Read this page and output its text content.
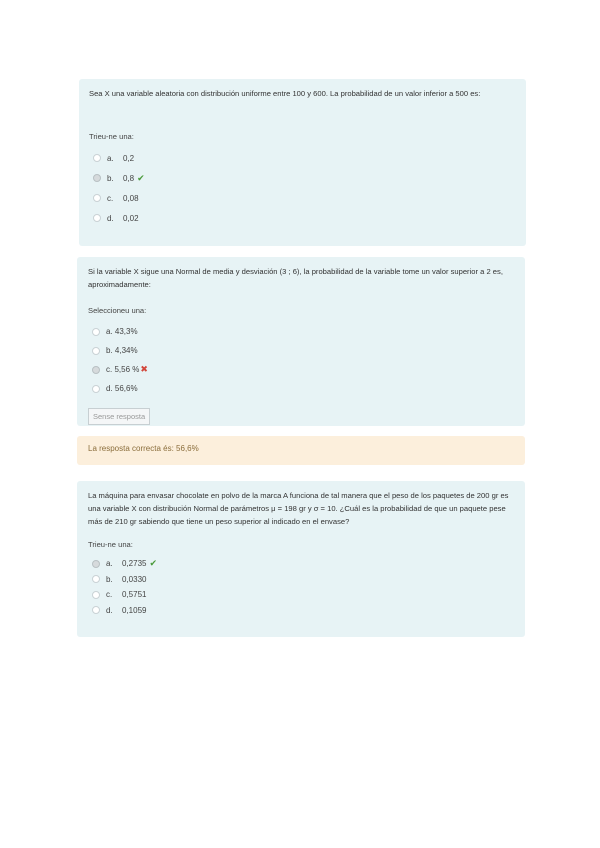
Sea X una variable aleatoria con distribución uniforme entre 100 y 600. La probabilidad de un valor inferior a 500 es:

Trieu-ne una:

a.	0,2
b.	0,8 ✔
c.	0,08
d.	0,02

Si la variable X sigue una Normal de media y desviación (3 ; 6), la probabilidad de la variable tome un valor superior a 2 es, aproximadamente:

Seleccioneu una:

a. 43,3%
b. 4,34%
c. 5,56 % ✖
d. 56,6%
Sense resposta
La resposta correcta és: 56,6%

La máquina para envasar chocolate en polvo de la marca A funciona de tal manera que el peso de los paquetes de 200 gr es una variable X con distribución Normal de parámetros μ = 198 gr y σ = 10. ¿Cuál es la probabilidad de que un paquete pese más de 210 gr sabiendo que tiene un peso superior al indicado en el envase?

Trieu-ne una:

a.	0,2735 ✔
b.	0,0330
c.	0,5751
d.	0,1059
